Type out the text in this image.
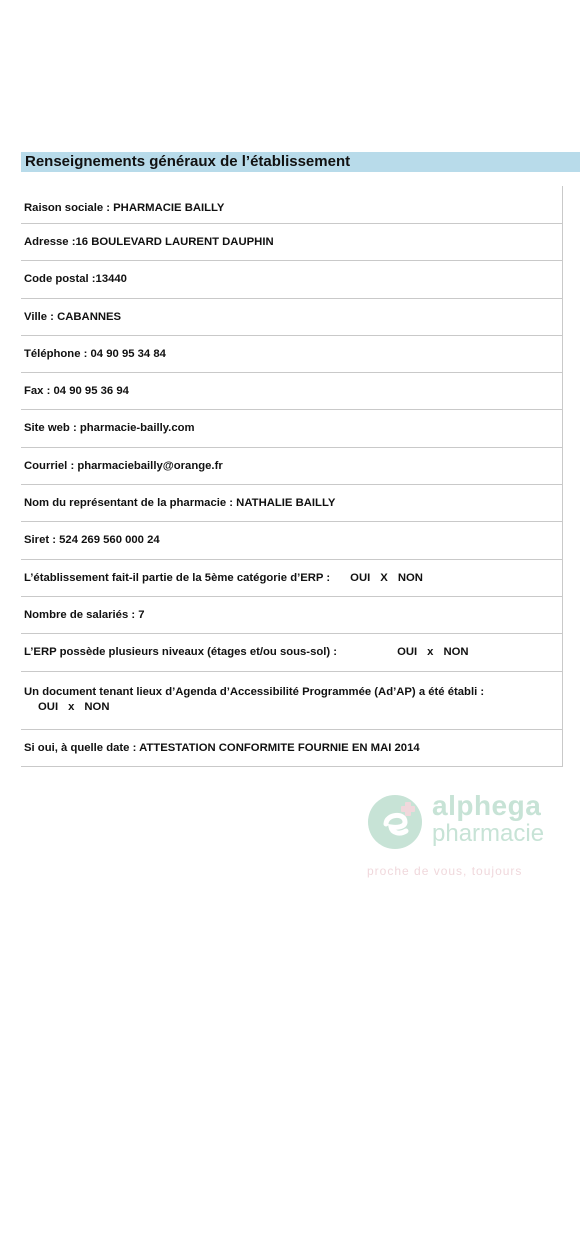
Renseignements généraux de l’établissement
Raison sociale : PHARMACIE BAILLY
Adresse :16 BOULEVARD LAURENT DAUPHIN
Code postal :13440
Ville : CABANNES
Téléphone : 04 90 95 34 84
Fax : 04 90 95 36 94
Site web : pharmacie-bailly.com
Courriel : pharmaciebailly@orange.fr
Nom du représentant de la pharmacie : NATHALIE BAILLY
Siret : 524 269 560 000 24
L’établissement fait-il partie de la 5ème catégorie d’ERP : OUI X NON
Nombre de salariés : 7
L’ERP possède plusieurs niveaux (étages et/ou sous-sol) :	OUI x NON
Un document tenant lieux d’Agenda d’Accessibilité Programmée (Ad’AP) a été établi :
OUI x NON
Si oui, à quelle date : ATTESTATION CONFORMITE FOURNIE EN MAI 2014
alphega
pharmacie
proche de vous, toujours
